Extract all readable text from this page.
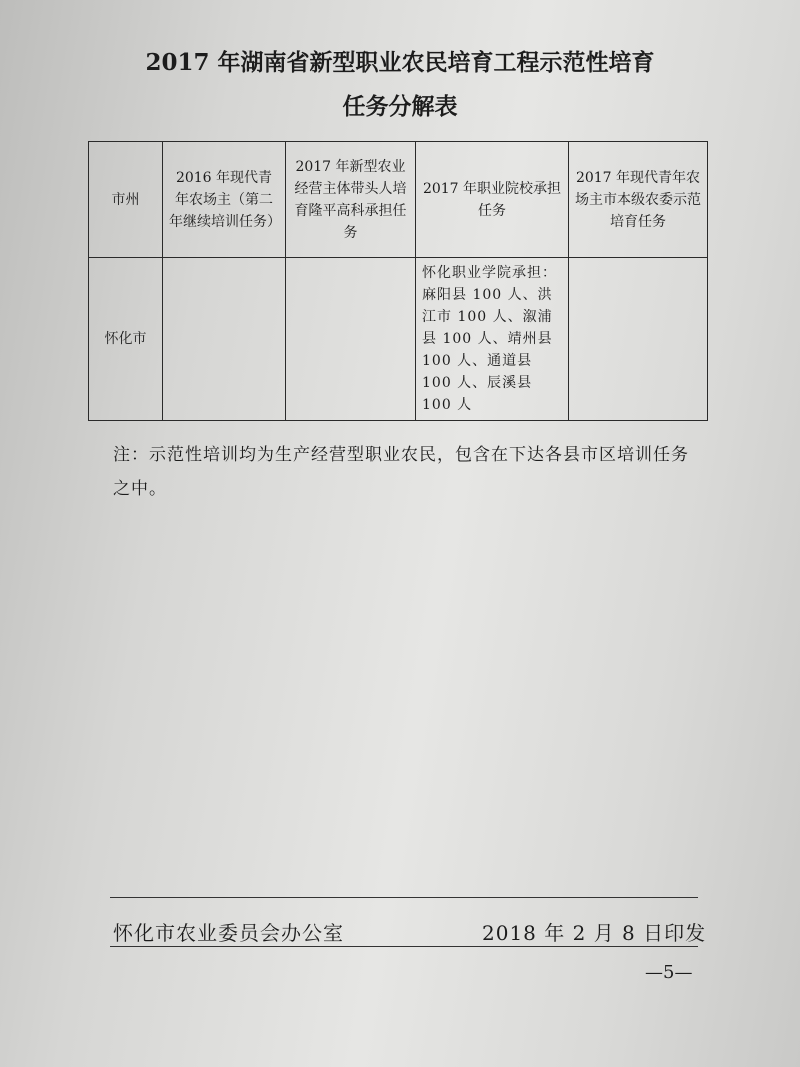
2017 年湖南省新型职业农民培育工程示范性培育
任务分解表
市州	2016 年现代青年农场主（第二年继续培训任务）	2017 年新型农业经营主体带头人培育隆平高科承担任务	2017 年职业院校承担任务	2017 年现代青年农场主市本级农委示范培育任务
怀化市			怀化职业学院承担：麻阳县 100 人、洪江市 100 人、溆浦县 100 人、靖州县 100 人、通道县 100 人、辰溪县 100 人	
注：示范性培训均为生产经营型职业农民，包含在下达各县市区培训任务之中。
怀化市农业委员会办公室	2018 年 2 月 8 日印发
—5—
